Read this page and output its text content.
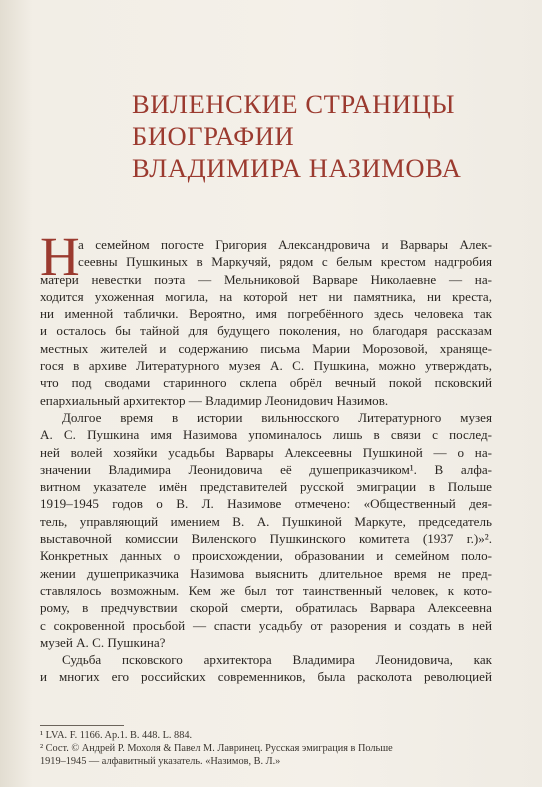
ВИЛЕНСКИЕ СТРАНИЦЫ
БИОГРАФИИ
ВЛАДИМИРА НАЗИМОВА
Н
а семейном погосте Григория Александровича и Варвары Алек-
сеевны Пушкиных в Маркучяй, рядом с белым крестом надгробия
матери невестки поэта — Мельниковой Варваре Николаевне — на-
ходится ухоженная могила, на которой нет ни памятника, ни креста,
ни именной таблички. Вероятно, имя погребённого здесь человека так
и осталось бы тайной для будущего поколения, но благодаря рассказам
местных жителей и содержанию письма Марии Морозовой, храняще-
гося в архиве Литературного музея А. С. Пушкина, можно утверждать,
что под сводами старинного склепа обрёл вечный покой псковский
епархиальный архитектор — Владимир Леонидович Назимов.
Долгое время в истории вильнюсского Литературного музея
А. С. Пушкина имя Назимова упоминалось лишь в связи с послед-
ней волей хозяйки усадьбы Варвары Алексеевны Пушкиной — о на-
значении Владимира Леонидовича её душеприказчиком¹. В алфа-
витном указателе имён представителей русской эмиграции в Польше
1919–1945 годов о В. Л. Назимове отмечено: «Общественный дея-
тель, управляющий имением В. А. Пушкиной Маркуте, председатель
выставочной комиссии Виленского Пушкинского комитета (1937 г.)»².
Конкретных данных о происхождении, образовании и семейном поло-
жении душеприказчика Назимова выяснить длительное время не пред-
ставлялось возможным. Кем же был тот таинственный человек, к кото-
рому, в предчувствии скорой смерти, обратилась Варвара Алексеевна
с сокровенной просьбой — спасти усадьбу от разорения и создать в ней
музей А. С. Пушкина?
Судьба псковского архитектора Владимира Леонидовича, как
и многих его российских современников, была расколота революцией
¹ LVA. F. 1166. Ap.1. B. 448. L. 884.
² Сост. © Андрей Р. Мохоля & Павел М. Лавринец. Русская эмиграция в Польше
1919–1945 — алфавитный указатель. «Назимов, В. Л.»
